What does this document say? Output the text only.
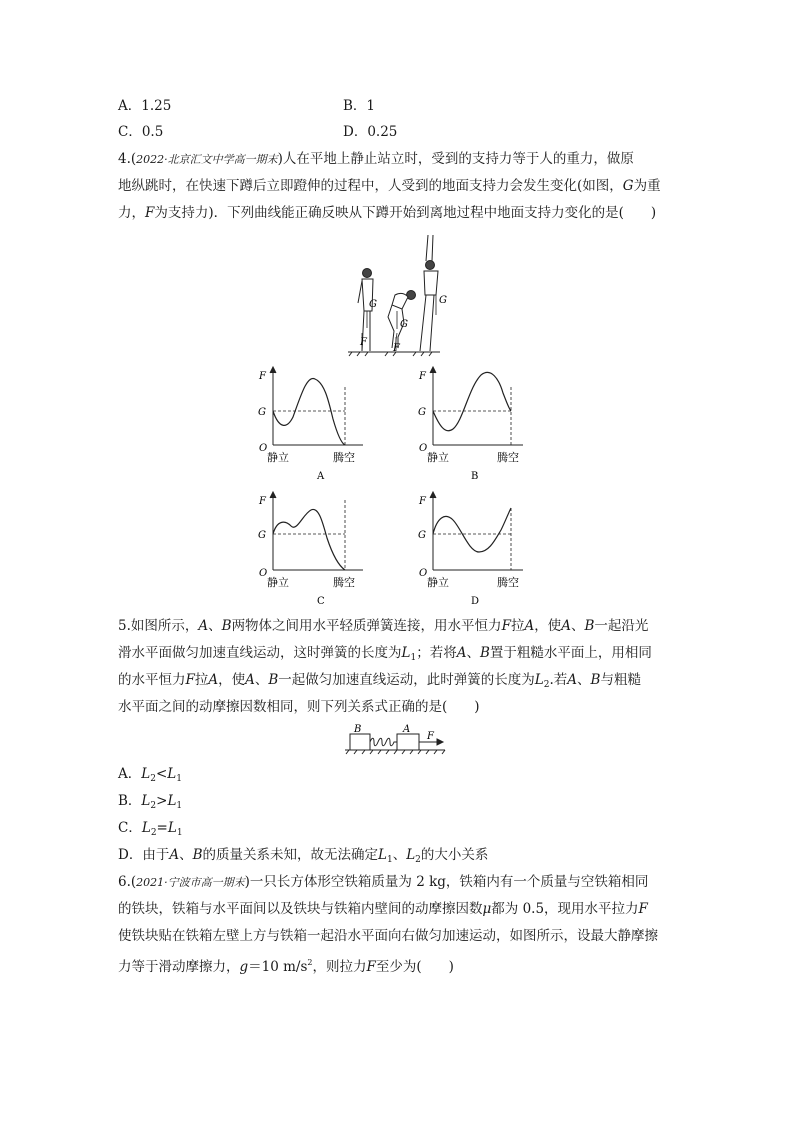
A．1.25	B．1
C．0.5	D．0.25
4.(2022·北京汇文中学高一期末)人在平地上静止站立时，受到的支持力等于人的重力，做原
地纵跳时，在快速下蹲后立即蹬伸的过程中，人受到的地面支持力会发生变化(如图，G为重
力，F为支持力)．下列曲线能正确反映从下蹲开始到离地过程中地面支持力变化的是(　　)
G
G
G
F
F
F
G
O
静立	腾空
A
F
G
O
静立	腾空
B
F
G
O
静立	腾空
C
F
G
O
静立	腾空
D
5.如图所示，A、B两物体之间用水平轻质弹簧连接，用水平恒力F拉A，使A、B一起沿光
滑水平面做匀加速直线运动，这时弹簧的长度为$L_1$；若将A、B置于粗糙水平面上，用相同
的水平恒力F拉A，使A、B一起做匀加速直线运动，此时弹簧的长度为$L_2$.若A、B与粗糙
水平面之间的动摩擦因数相同，则下列关系式正确的是(　　)
B	A
F
A．$L_2<L_1$
B．$L_2>L_1$
C．$L_2=L_1$
D．由于A、B的质量关系未知，故无法确定$L_1$、$L_2$的大小关系
6.(2021·宁波市高一期末)一只长方体形空铁箱质量为 2 kg，铁箱内有一个质量与空铁箱相同
的铁块，铁箱与水平面间以及铁块与铁箱内壁间的动摩擦因数μ都为 0.5，现用水平拉力F
使铁块贴在铁箱左壁上方与铁箱一起沿水平面向右做匀加速运动，如图所示，设最大静摩擦
力等于滑动摩擦力，g＝10 $m/s^2$，则拉力F至少为(　　)
